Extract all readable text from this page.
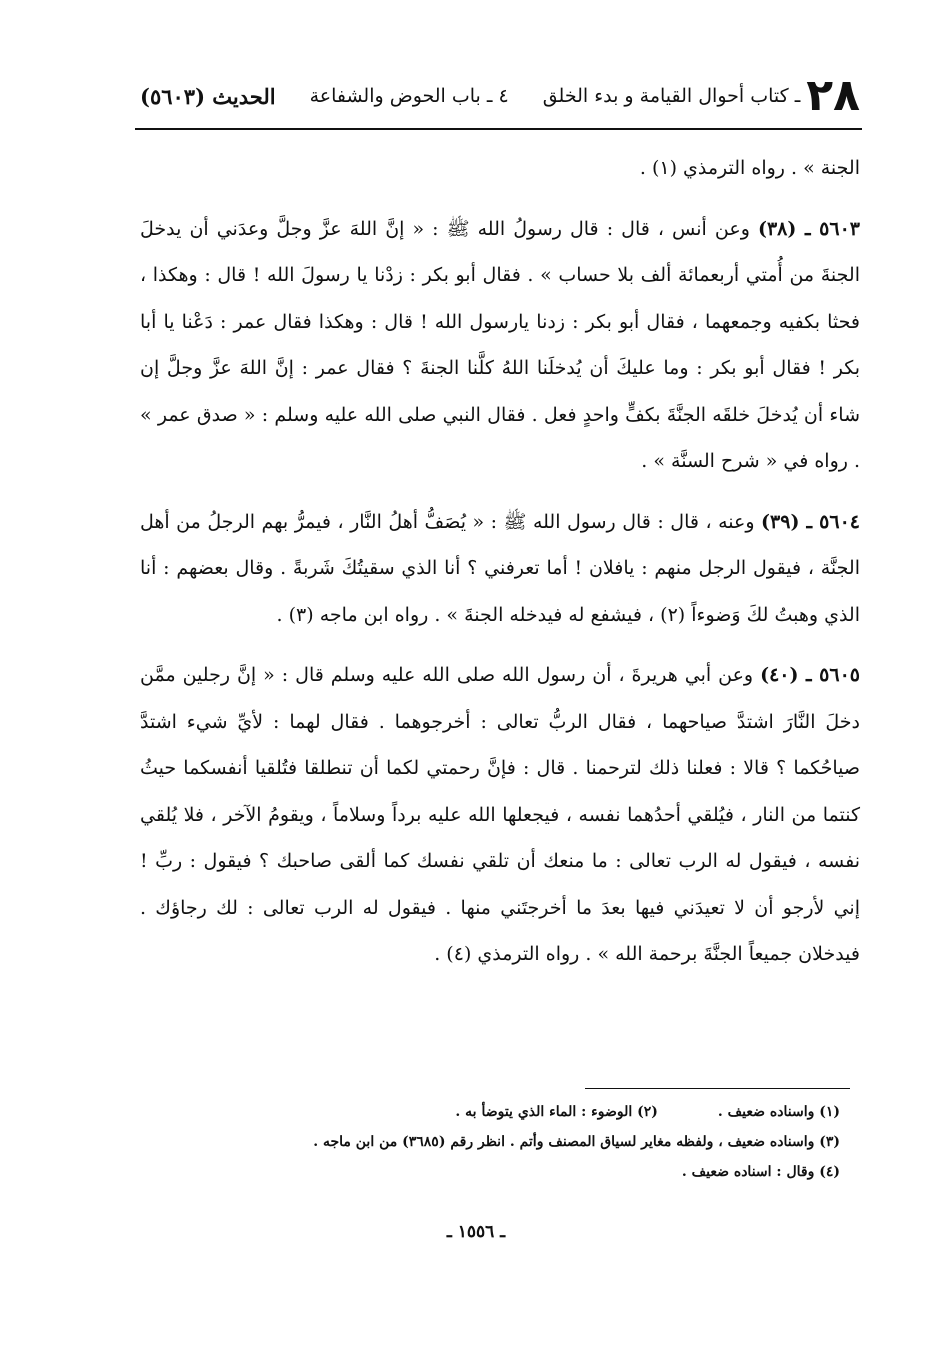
٢٨
ـ كتاب أحوال القيامة و بدء الخلق
٤ ـ باب الحوض والشفاعة
الحديث (٥٦٠٣)

الجنة » . رواه الترمذي (١) .

٥٦٠٣ ـ (٣٨) وعن أنس ، قال : قال رسولُ الله ﷺ : « إنَّ اللهَ عزَّ وجلَّ وعدَني أن يدخلَ الجنةَ من أُمتي أربعمائة ألف بلا حساب » . فقال أبو بكر : زدْنا يا رسولَ الله ! قال : وهكذا ، فحثا بكفيه وجمعهما ، فقال أبو بكر : زدنا يارسول الله ! قال : وهكذا فقال عمر : دَعْنا يا أبا بكر ! فقال أبو بكر : وما عليكَ أن يُدخلَنا اللهُ كلَّنا الجنةَ ؟ فقال عمر : إنَّ اللهَ عزَّ وجلَّ إن شاء أن يُدخلَ خلقَه الجنَّةَ بكفٍّ واحدٍ فعل . فقال النبي صلى الله عليه وسلم : « صدق عمر » . رواه في « شرح السنَّة » .

٥٦٠٤ ـ (٣٩) وعنه ، قال : قال رسول الله ﷺ : « يُصَفُّ أهلُ النَّار ، فيمرُّ بهم الرجلُ من أهل الجنَّة ، فيقول الرجل منهم : يافلان ! أما تعرفني ؟ أنا الذي سقيتُكَ شَربةً . وقال بعضهم : أنا الذي وهبتُ لكَ وَضوءاً (٢) ، فيشفع له فيدخله الجنةَ » . رواه ابن ماجه (٣) .

٥٦٠٥ ـ (٤٠) وعن أبي هريرةَ ، أن رسول الله صلى الله عليه وسلم قال : « إنَّ رجلين ممَّن دخلَ النَّارَ اشتدَّ صياحهما ، فقال الربُّ تعالى : أخرجوهما . فقال لهما : لأيِّ شيء اشتدَّ صياحُكما ؟ قالا : فعلنا ذلك لترحمنا . قال : فإنَّ رحمتي لكما أن تنطلقا فتُلقيا أنفسكما حيثُ كنتما من النار ، فيُلقي أحدُهما نفسه ، فيجعلها الله عليه برداً وسلاماً ، ويقومُ الآخر ، فلا يُلقي نفسه ، فيقول له الرب تعالى : ما منعك أن تلقي نفسك كما ألقى صاحبك ؟ فيقول : ربِّ ! إني لأرجو أن لا تعيدَني فيها بعدَ ما أخرجتَني منها . فيقول له الرب تعالى : لك رجاؤك . فيدخلان جميعاً الجنَّةَ برحمة الله » . رواه الترمذي (٤) .

(١) واسناده ضعيف .
(٢) الوضوء : الماء الذي يتوضأ به .
(٣) واسناده ضعيف ، ولفظه مغاير لسياق المصنف وأتم . انظر رقم (٣٦٨٥) من ابن ماجه .
(٤) وقال : اسناده ضعيف .
ـ ١٥٥٦ ـ
